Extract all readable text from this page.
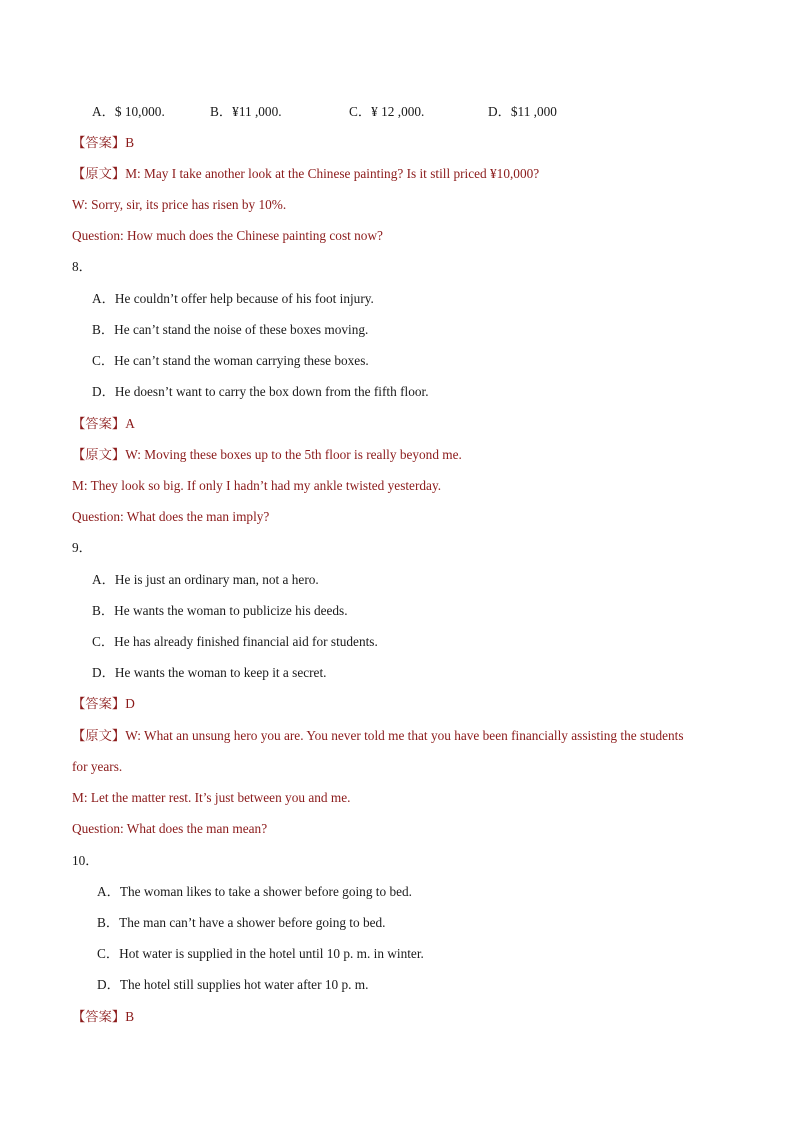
A．$ 10,000.	B．¥11 ,000.	C．¥ 12 ,000.	D．$11 ,000
【答案】B
【原文】M: May I take another look at the Chinese painting? Is it still priced ¥10,000?
W: Sorry, sir, its price has risen by 10%.
Question: How much does the Chinese painting cost now?
8．
A．He couldn’t offer help because of his foot injury.
B．He can’t stand the noise of these boxes moving.
C．He can’t stand the woman carrying these boxes.
D．He doesn’t want to carry the box down from the fifth floor.
【答案】A
【原文】W: Moving these boxes up to the 5th floor is really beyond me.
M: They look so big. If only I hadn’t had my ankle twisted yesterday.
Question: What does the man imply?
9．
A．He is just an ordinary man, not a hero.
B．He wants the woman to publicize his deeds.
C．He has already finished financial aid for students.
D．He wants the woman to keep it a secret.
【答案】D
【原文】W: What an unsung hero you are. You never told me that you have been financially assisting the students
for years.
M: Let the matter rest. It’s just between you and me.
Question: What does the man mean?
10．
A．The woman likes to take a shower before going to bed.
B．The man can’t have a shower before going to bed.
C．Hot water is supplied in the hotel until 10 p. m. in winter.
D．The hotel still supplies hot water after 10 p. m.
【答案】B
